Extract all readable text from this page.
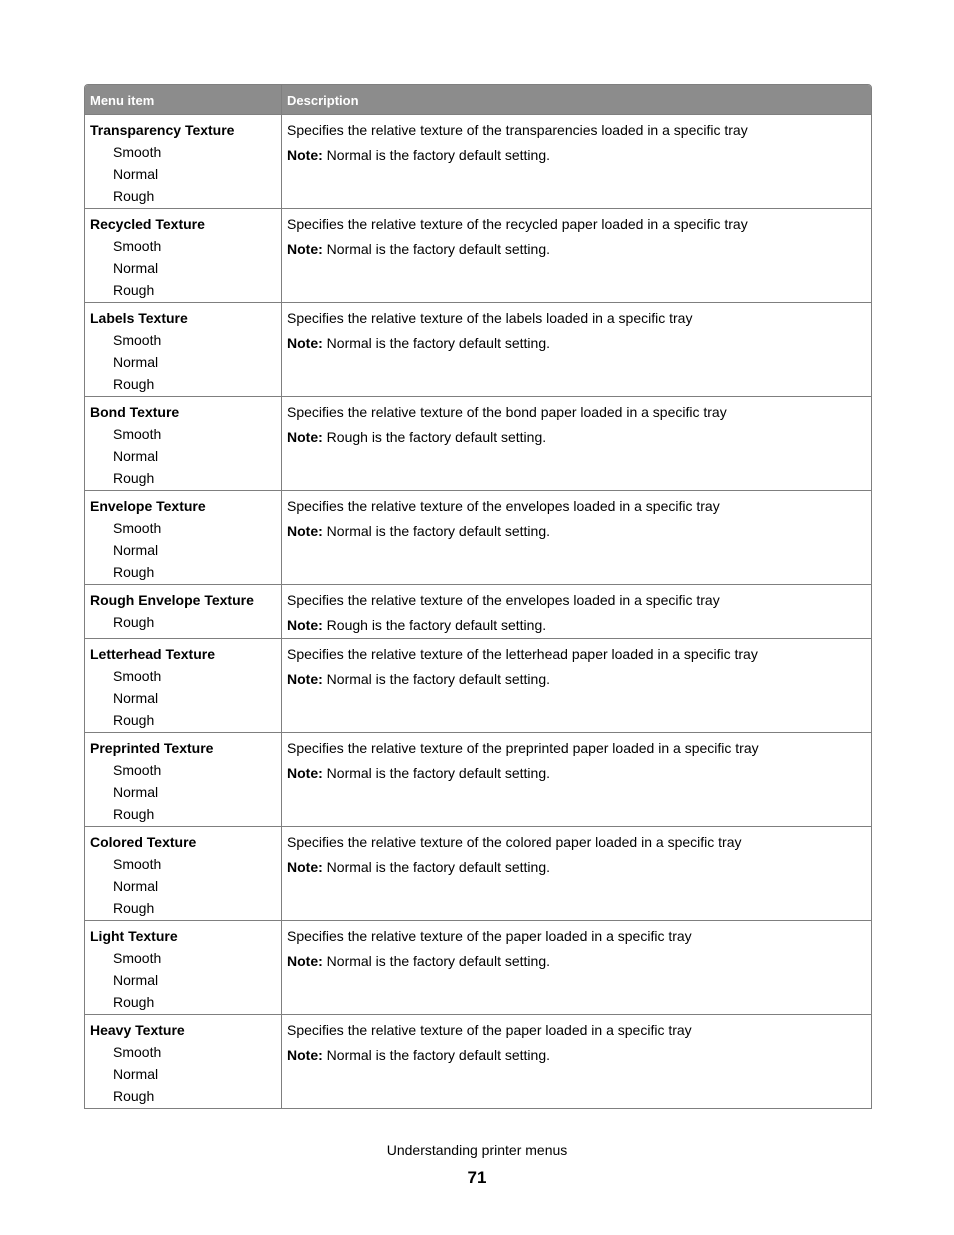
Menu item	Description
Transparency Texture
Smooth
Normal
Rough
Specifies the relative texture of the transparencies loaded in a specific tray
Note: Normal is the factory default setting.
Recycled Texture
Smooth
Normal
Rough
Specifies the relative texture of the recycled paper loaded in a specific tray
Note: Normal is the factory default setting.
Labels Texture
Smooth
Normal
Rough
Specifies the relative texture of the labels loaded in a specific tray
Note: Normal is the factory default setting.
Bond Texture
Smooth
Normal
Rough
Specifies the relative texture of the bond paper loaded in a specific tray
Note: Rough is the factory default setting.
Envelope Texture
Smooth
Normal
Rough
Specifies the relative texture of the envelopes loaded in a specific tray
Note: Normal is the factory default setting.
Rough Envelope Texture
Rough
Specifies the relative texture of the envelopes loaded in a specific tray
Note: Rough is the factory default setting.
Letterhead Texture
Smooth
Normal
Rough
Specifies the relative texture of the letterhead paper loaded in a specific tray
Note: Normal is the factory default setting.
Preprinted Texture
Smooth
Normal
Rough
Specifies the relative texture of the preprinted paper loaded in a specific tray
Note: Normal is the factory default setting.
Colored Texture
Smooth
Normal
Rough
Specifies the relative texture of the colored paper loaded in a specific tray
Note: Normal is the factory default setting.
Light Texture
Smooth
Normal
Rough
Specifies the relative texture of the paper loaded in a specific tray
Note: Normal is the factory default setting.
Heavy Texture
Smooth
Normal
Rough
Specifies the relative texture of the paper loaded in a specific tray
Note: Normal is the factory default setting.
Understanding printer menus
71
